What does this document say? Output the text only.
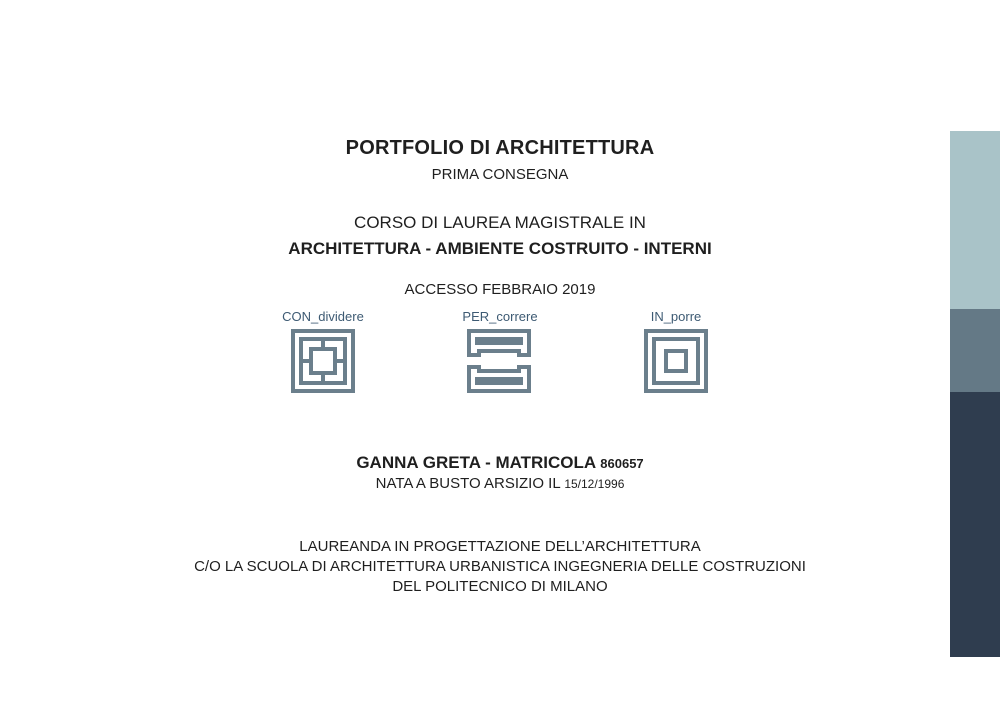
PORTFOLIO DI ARCHITETTURA
PRIMA CONSEGNA
CORSO DI LAUREA MAGISTRALE IN
ARCHITETTURA - AMBIENTE COSTRUITO - INTERNI
ACCESSO FEBBRAIO 2019
CON_dividere	PER_correre	IN_porre
GANNA GRETA - MATRICOLA 860657
NATA A BUSTO ARSIZIO IL 15/12/1996
LAUREANDA IN PROGETTAZIONE DELL’ARCHITETTURA
C/O LA SCUOLA DI ARCHITETTURA URBANISTICA INGEGNERIA DELLE COSTRUZIONI
DEL POLITECNICO DI MILANO
